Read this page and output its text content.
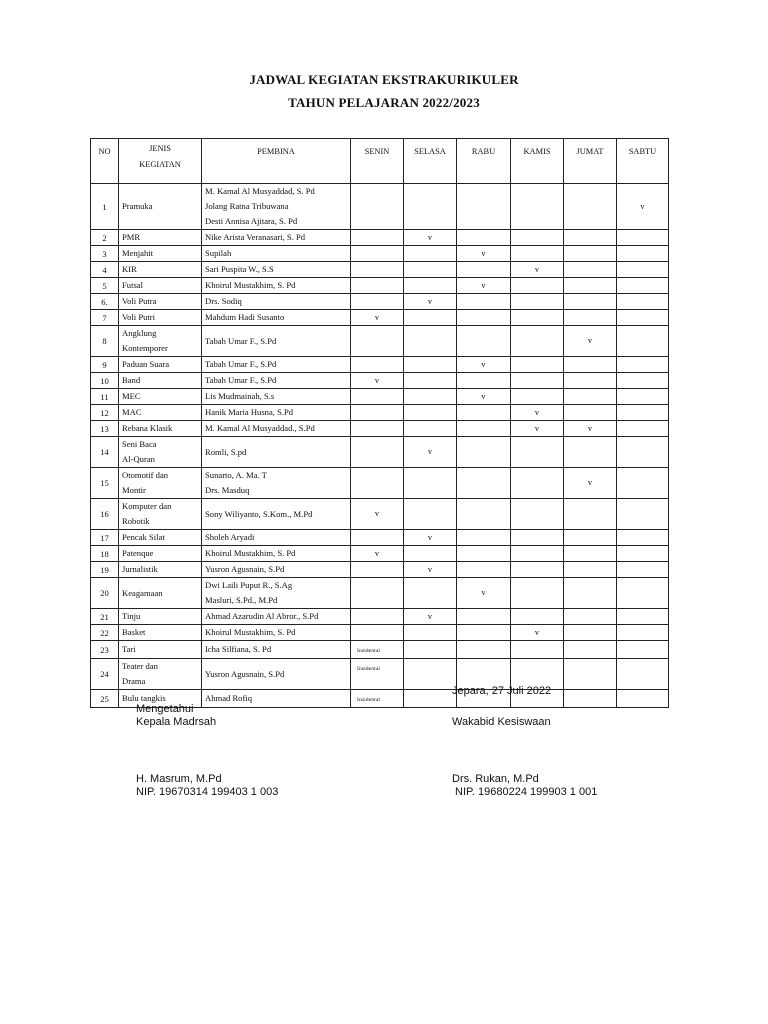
JADWAL KEGIATAN EKSTRAKURIKULER
TAHUN PELAJARAN 2022/2023
NO	JENIS
KEGIATAN	PEMBINA	SENIN	SELASA	RABU	KAMIS	JUMAT	SABTU
1	Pramuka	M. Kamal Al Musyaddad, S. Pd
Jolang Ratna Tribuwana
Desti Annisa Ajitara, S. Pd						v
2	PMR	Nike Arista Veranasari, S. Pd		v				
3	Menjahit	Supilah			v			
4	KIR	Sari Puspita W., S.S				v		
5	Futsal	Khoirul Mustakhim, S. Pd			v			
6.	Voli Putra	Drs. Sodiq		v				
7	Voli Putri	Mahdum Hadi Susanto	v					
8	Angklung
Kontemporer	Tabah Umar F., S.Pd					v	
9	Paduan Suara	Tabah Umar F., S.Pd			v			
10	Band	Tabah Umar F., S.Pd	v					
11	MEC	Lis Mudmainah, S.s			v			
12	MAC	Hanik Maria Husna, S.Pd				v		
13	Rebana Klasik	M. Kamal Al Musyaddad., S.Pd				v	v	
14	Seni Baca
Al-Quran	Romli, S.pd		v				
15	Otomotif dan
Montir	Sunarto, A. Ma. T
Drs. Masduq					v	
16	Komputer dan
Robotik	Sony Wiliyanto, S.Kom., M.Pd	v					
17	Pencak Silat	Sholeh Aryadi		v				
18	Patenque	Khoirul Mustakhim, S. Pd	v					
19	Jurnalistik	Yusron Agusnain, S.Pd		v				
20	Keagamaan	Dwi Laili Puput R., S.Ag
Masluri, S.Pd., M.Pd			v			
21	Tinju	Ahmad Azarudin Al Abror., S.Pd		v				
22	Basket	Khoirul Mustakhim, S. Pd				v		
23	Tari	Icha Silfiana, S. Pd	Insidental					
24	Teater dan
Drama	Yusron Agusnain, S.Pd	Insidental					
25	Bulu tangkis	Ahmad Rofiq	Insidental					
Jepara, 27 Juli 2022
Mengetahui
Kepala Madrsah	Wakabid Kesiswaan
H. Masrum, M.Pd
NIP. 19670314 199403 1 003
Drs. Rukan, M.Pd
NIP. 19680224 199903 1 001
